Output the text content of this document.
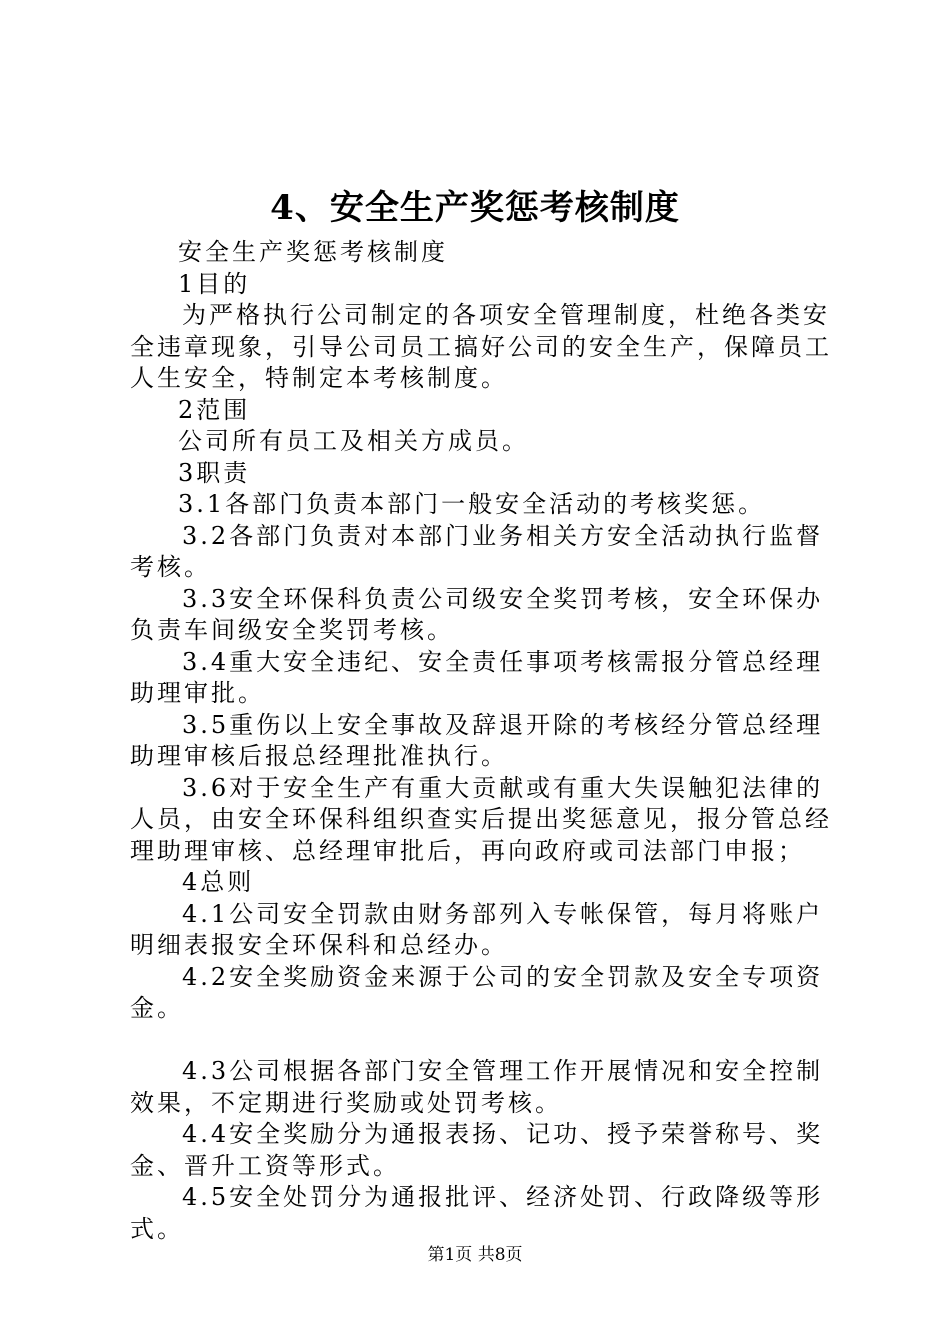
4、安全生产奖惩考核制度

安全生产奖惩考核制度

1目的

为严格执行公司制定的各项安全管理制度，杜绝各类安全违章现象，引导公司员工搞好公司的安全生产，保障员工人生安全，特制定本考核制度。

2范围

公司所有员工及相关方成员。

3职责

3.1各部门负责本部门一般安全活动的考核奖惩。

3.2各部门负责对本部门业务相关方安全活动执行监督考核。

3.3安全环保科负责公司级安全奖罚考核，安全环保办负责车间级安全奖罚考核。

3.4重大安全违纪、安全责任事项考核需报分管总经理助理审批。

3.5重伤以上安全事故及辞退开除的考核经分管总经理助理审核后报总经理批准执行。

3.6对于安全生产有重大贡献或有重大失误触犯法律的人员，由安全环保科组织查实后提出奖惩意见，报分管总经理助理审核、总经理审批后，再向政府或司法部门申报；

4总则

4.1公司安全罚款由财务部列入专帐保管，每月将账户明细表报安全环保科和总经办。

4.2安全奖励资金来源于公司的安全罚款及安全专项资金。

4.3公司根据各部门安全管理工作开展情况和安全控制效果，不定期进行奖励或处罚考核。

4.4安全奖励分为通报表扬、记功、授予荣誉称号、奖金、晋升工资等形式。

4.5安全处罚分为通报批评、经济处罚、行政降级等形式。

第1页 共8页
